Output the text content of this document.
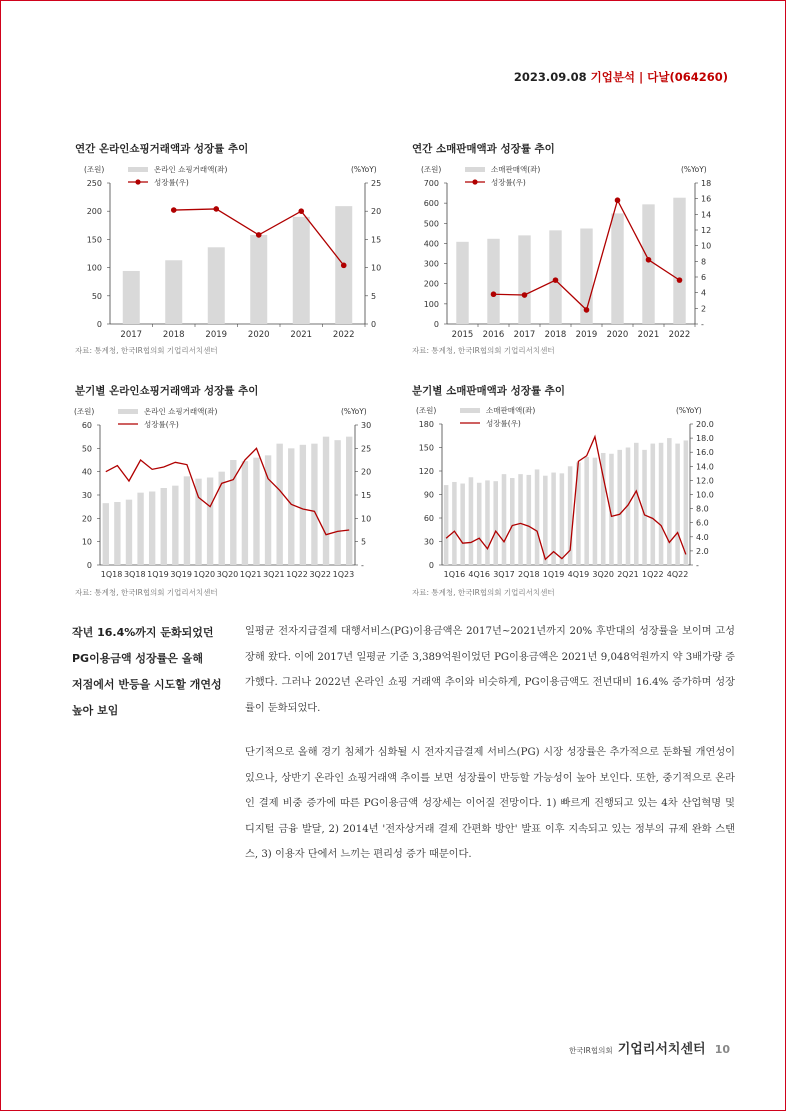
2023.09.08 기업분석 | 다날(064260)
연간 온라인쇼핑거래액과 성장률 추이
(조원)	(%YoY)
0
50
100
150
200
250
0
5
10
15
20
25
2017 2018 2019 2020 2021 2022
온라인 쇼핑거래액(좌)
성장률(우)
자료: 통계청, 한국IR협의회 기업리서치센터
연간 소매판매액과 성장률 추이
(조원)	(%YoY)
0
100
200
300
400
500
600
700
-
2
4
6
8
10
12
14
16
18
2015 2016 2017 2018 2019 2020 2021 2022
소매판매액(좌)
성장률(우)
자료: 통계청, 한국IR협의회 기업리서치센터
분기별 온라인쇼핑거래액과 성장률 추이
(조원)	(%YoY)
0
10
20
30
40
50
60
-
5
10
15
20
25
30
1Q18 3Q18 1Q19 3Q19 1Q20 3Q20 1Q21 3Q21 1Q22 3Q22 1Q23
온라인 쇼핑거래액(좌)
성장률(우)
자료: 통계청, 한국IR협의회 기업리서치센터
분기별 소매판매액과 성장률 추이
(조원)	(%YoY)
0
30
60
90
120
150
180
-
2.0
4.0
6.0
8.0
10.0
12.0
14.0
16.0
18.0
20.0
1Q16 4Q16 3Q17 2Q18 1Q19 4Q19 3Q20 2Q21 1Q22 4Q22
소매판매액(좌)
성장률(우)
자료: 통계청, 한국IR협의회 기업리서치센터
작년 16.4%까지 둔화되었던
PG이용금액 성장률은 올해
저점에서 반등을 시도할 개연성
높아 보임
일평균 전자지급결제 대행서비스(PG)이용금액은 2017년~2021년까지 20% 후반대의 성장률을 보이며 고성장해 왔다. 이에 2017년 일평균 기준 3,389억원이었던 PG이용금액은 2021년 9,048억원까지 약 3배가량 증가했다. 그러나 2022년 온라인 쇼핑 거래액 추이와 비슷하게, PG이용금액도 전년대비 16.4% 증가하며 성장률이 둔화되었다.
단기적으로 올해 경기 침체가 심화될 시 전자지급결제 서비스(PG) 시장 성장률은 추가적으로 둔화될 개연성이 있으나, 상반기 온라인 쇼핑거래액 추이를 보면 성장률이 반등할 가능성이 높아 보인다. 또한, 중기적으로 온라인 결제 비중 증가에 따른 PG이용금액 성장세는 이어질 전망이다. 1) 빠르게 진행되고 있는 4차 산업혁명 및 디지털 금융 발달, 2) 2014년 '전자상거래 결제 간편화 방안' 발표 이후 지속되고 있는 정부의 규제 완화 스탠스, 3) 이용자 단에서 느끼는 편리성 증가 때문이다.
한국IR협의회 기업리서치센터 10
